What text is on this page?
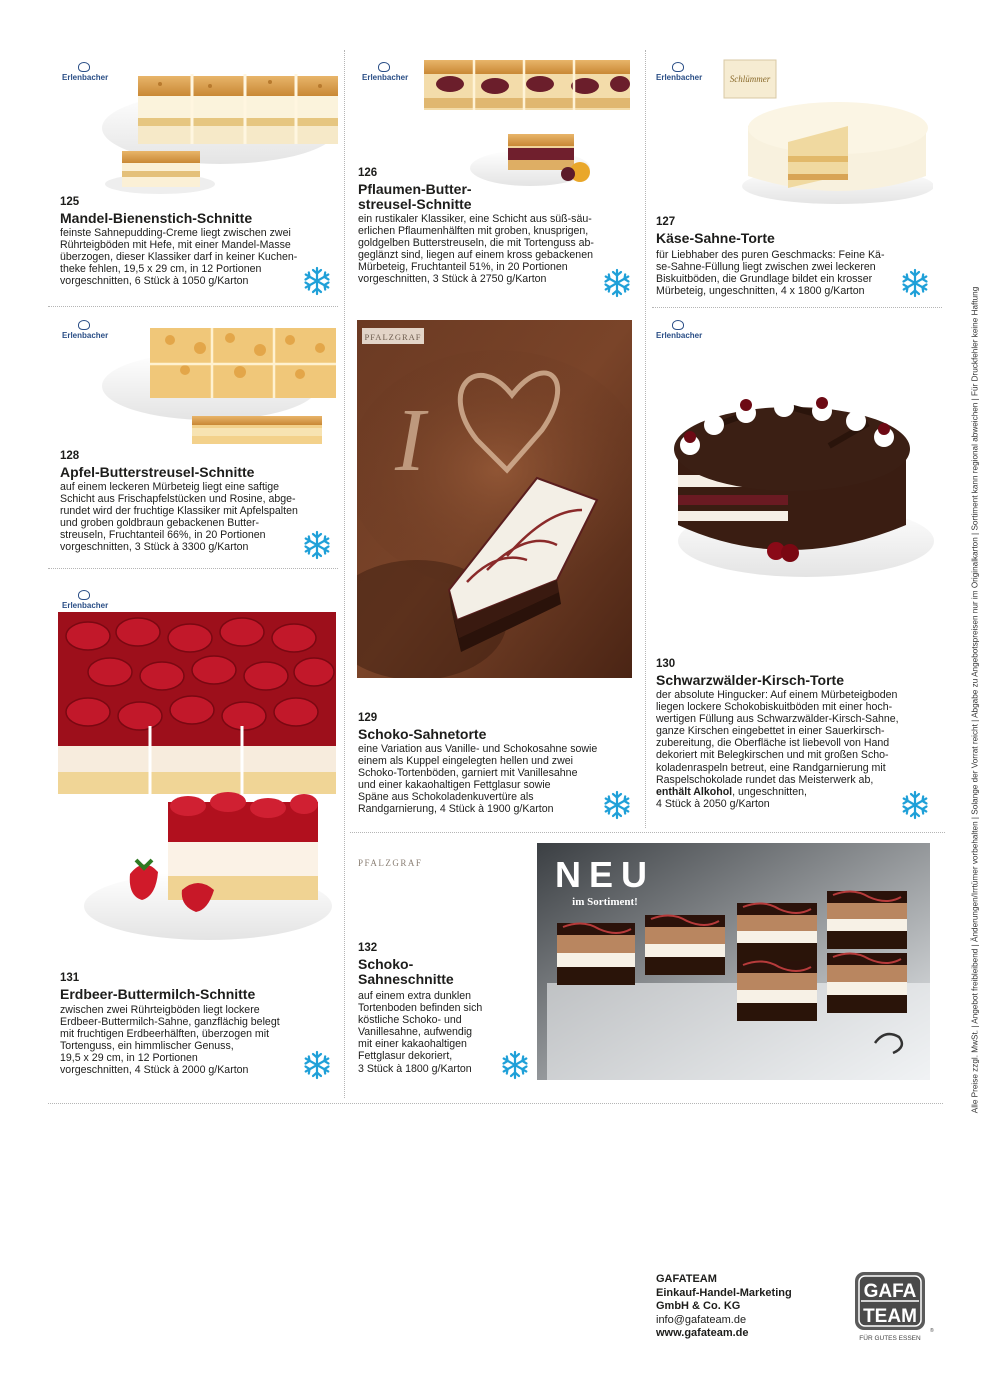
Erlenbacher
125
Mandel-Bienenstich-Schnitte

feinste Sahnepudding-Creme liegt zwischen zwei
Rührteigböden mit Hefe, mit einer Mandel-Masse
überzogen, dieser Klassiker darf in keiner Kuchen-
theke fehlen, 19,5 x 29 cm, in 12 Portionen
vorgeschnitten, 6 Stück à 1050 g/Karton

Erlenbacher
126
Pflaumen-Butter-
streusel-Schnitte

ein rustikaler Klassiker, eine Schicht aus süß-säu-
erlichen Pflaumenhälften mit groben, knusprigen,
goldgelben Butterstreuseln, die mit Tortenguss ab-
geglänzt sind, liegen auf einem kross gebackenen
Mürbeteig, Fruchtanteil 51%, in 20 Portionen
vorgeschnitten, 3 Stück à 2750 g/Karton

Erlenbacher	Schlümmer
127
Käse-Sahne-Torte

für Liebhaber des puren Geschmacks: Feine Kä-
se-Sahne-Füllung liegt zwischen zwei leckeren
Biskuitböden, die Grundlage bildet ein krosser
Mürbeteig, ungeschnitten, 4 x 1800 g/Karton

Erlenbacher
128
Apfel-Butterstreusel-Schnitte

auf einem leckeren Mürbeteig liegt eine saftige
Schicht aus Frischapfelstücken und Rosine, abge-
rundet wird der fruchtige Klassiker mit Apfelspalten
und groben goldbraun gebackenen Butter-
streuseln, Fruchtanteil 66%, in 20 Portionen
vorgeschnitten, 3 Stück à 3300 g/Karton

I
PFALZGRAF
129
Schoko-Sahnetorte

eine Variation aus Vanille- und Schokosahne sowie
einem als Kuppel eingelegten hellen und zwei
Schoko-Tortenböden, garniert mit Vanillesahne
und einer kakaohaltigen Fettglasur sowie
Späne aus Schokoladenkuvertüre als
Randgarnierung, 4 Stück à 1900 g/Karton

Erlenbacher
130
Schwarzwälder-Kirsch-Torte

der absolute Hingucker: Auf einem Mürbeteigboden
liegen lockere Schokobiskuitböden mit einer hoch-
wertigen Füllung aus Schwarzwälder-Kirsch-Sahne,
ganze Kirschen eingebettet in einer Sauerkirsch-
zubereitung, die Oberfläche ist liebevoll von Hand
dekoriert mit Belegkirschen und mit großen Scho-
koladenraspeln betreut, eine Randgarnierung mit
Raspelschokolade rundet das Meisterwerk ab,
enthält Alkohol, ungeschnitten,
4 Stück à 2050 g/Karton

Erlenbacher
131
Erdbeer-Buttermilch-Schnitte

zwischen zwei Rührteigböden liegt lockere
Erdbeer-Buttermilch-Sahne, ganzflächig belegt
mit fruchtigen Erdbeerhälften, überzogen mit
Tortenguss, ein himmlischer Genuss,
19,5 x 29 cm, in 12 Portionen
vorgeschnitten, 4 Stück à 2000 g/Karton

PFALZGRAF	NEU
im Sortiment!
132
Schoko-
Sahneschnitte

auf einem extra dunklen
Tortenboden befinden sich
köstliche Schoko- und
Vanillesahne, aufwendig
mit einer kakaohaltigen
Fettglasur dekoriert,
3 Stück à 1800 g/Karton	Alle Preise zzgl. MwSt. | Angebot freibleibend | Änderungen/Irrtümer vorbehalten | Solange der Vorrat reicht | Abgabe zu Angebotspreisen nur im Originalkarton | Sortiment kann regional abweichen | Für Druckfehler keine Haftung
GAFATEAM
Einkauf-Handel-Marketing
GmbH & Co. KG
info@gafateam.de
www.gafateam.de
GAFA
TEAM
FÜR GUTES ESSEN
®
